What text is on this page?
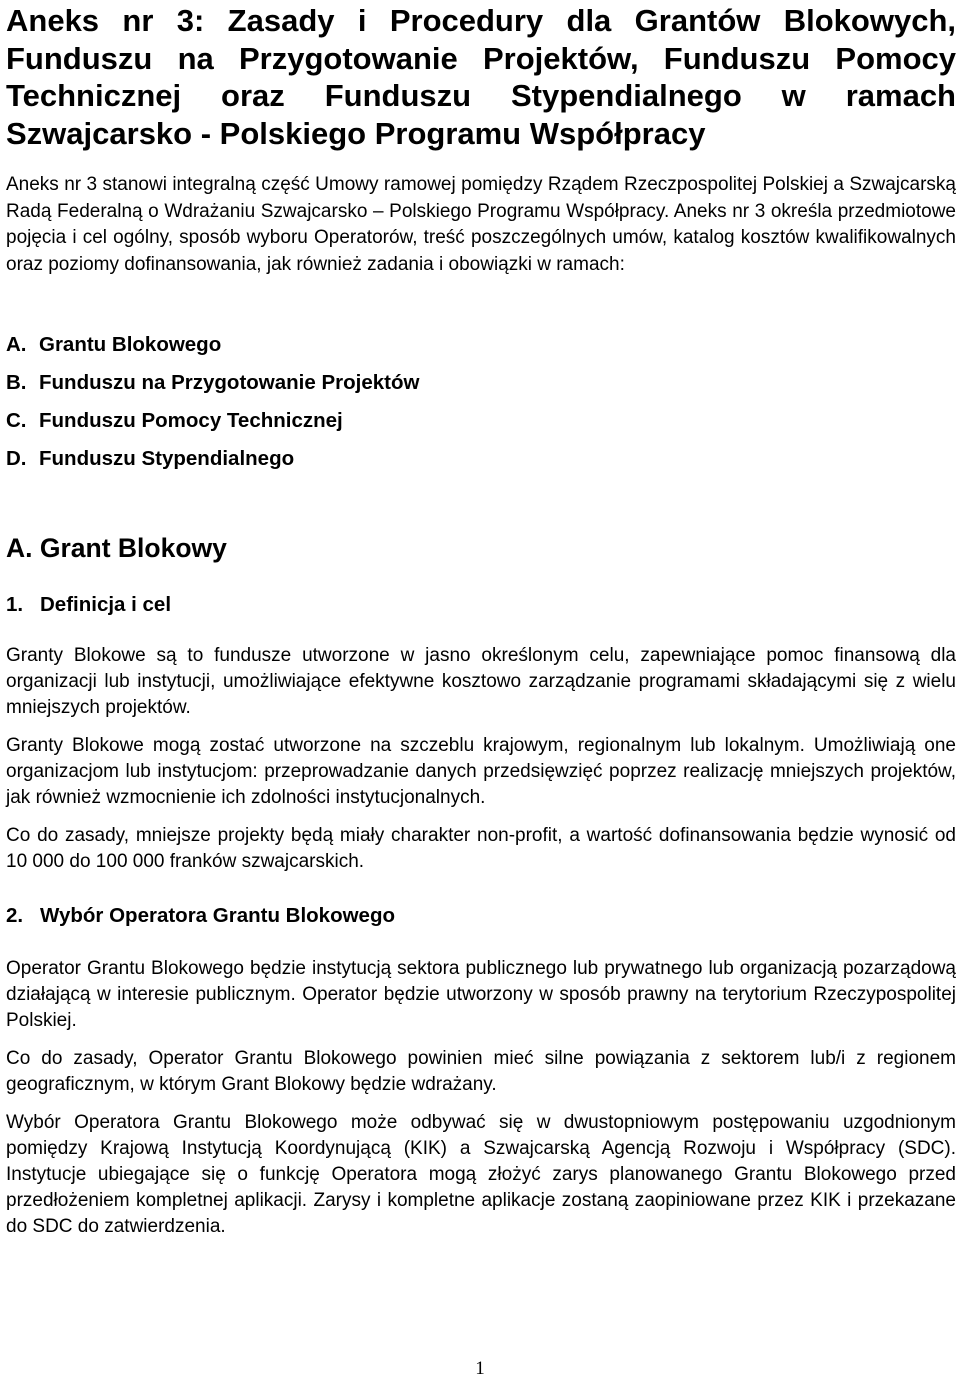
Aneks nr 3: Zasady i Procedury dla Grantów Blokowych, Funduszu na Przygotowanie Projektów, Funduszu Pomocy Technicznej oraz Funduszu Stypendialnego w ramach Szwajcarsko - Polskiego Programu Współpracy

Aneks nr 3 stanowi integralną część Umowy ramowej pomiędzy Rządem Rzeczpospolitej Polskiej a Szwajcarską Radą Federalną o Wdrażaniu Szwajcarsko – Polskiego Programu Współpracy. Aneks nr 3 określa przedmiotowe pojęcia i cel ogólny, sposób wyboru Operatorów, treść poszczególnych umów, katalog kosztów kwalifikowalnych oraz poziomy dofinansowania, jak również zadania i obowiązki w ramach:

A. Grantu Blokowego
B. Funduszu na Przygotowanie Projektów
C. Funduszu Pomocy Technicznej
D. Funduszu Stypendialnego
A. Grant Blokowy
1. Definicja i cel

Granty Blokowe są to fundusze utworzone w jasno określonym celu, zapewniające pomoc finansową dla organizacji lub instytucji, umożliwiające efektywne kosztowo zarządzanie programami składającymi się z wielu mniejszych projektów.

Granty Blokowe mogą zostać utworzone na szczeblu krajowym, regionalnym lub lokalnym. Umożliwiają one organizacjom lub instytucjom: przeprowadzanie danych przedsięwzięć poprzez realizację mniejszych projektów, jak również wzmocnienie ich zdolności instytucjonalnych.

Co do zasady, mniejsze projekty będą miały charakter non-profit, a wartość dofinansowania będzie wynosić od 10 000 do 100 000 franków szwajcarskich.

2. Wybór Operatora Grantu Blokowego

Operator Grantu Blokowego będzie instytucją sektora publicznego lub prywatnego lub organizacją pozarządową działającą w interesie publicznym. Operator będzie utworzony w sposób prawny na terytorium Rzeczypospolitej Polskiej.

Co do zasady, Operator Grantu Blokowego powinien mieć silne powiązania z sektorem lub/i z regionem geograficznym, w którym Grant Blokowy będzie wdrażany.

Wybór Operatora Grantu Blokowego może odbywać się w dwustopniowym postępowaniu uzgodnionym pomiędzy Krajową Instytucją Koordynującą (KIK) a Szwajcarską Agencją Rozwoju i Współpracy (SDC). Instytucje ubiegające się o funkcję Operatora mogą złożyć zarys planowanego Grantu Blokowego przed przedłożeniem kompletnej aplikacji. Zarysy i kompletne aplikacje zostaną zaopiniowane przez KIK i przekazane do SDC do zatwierdzenia.

1
